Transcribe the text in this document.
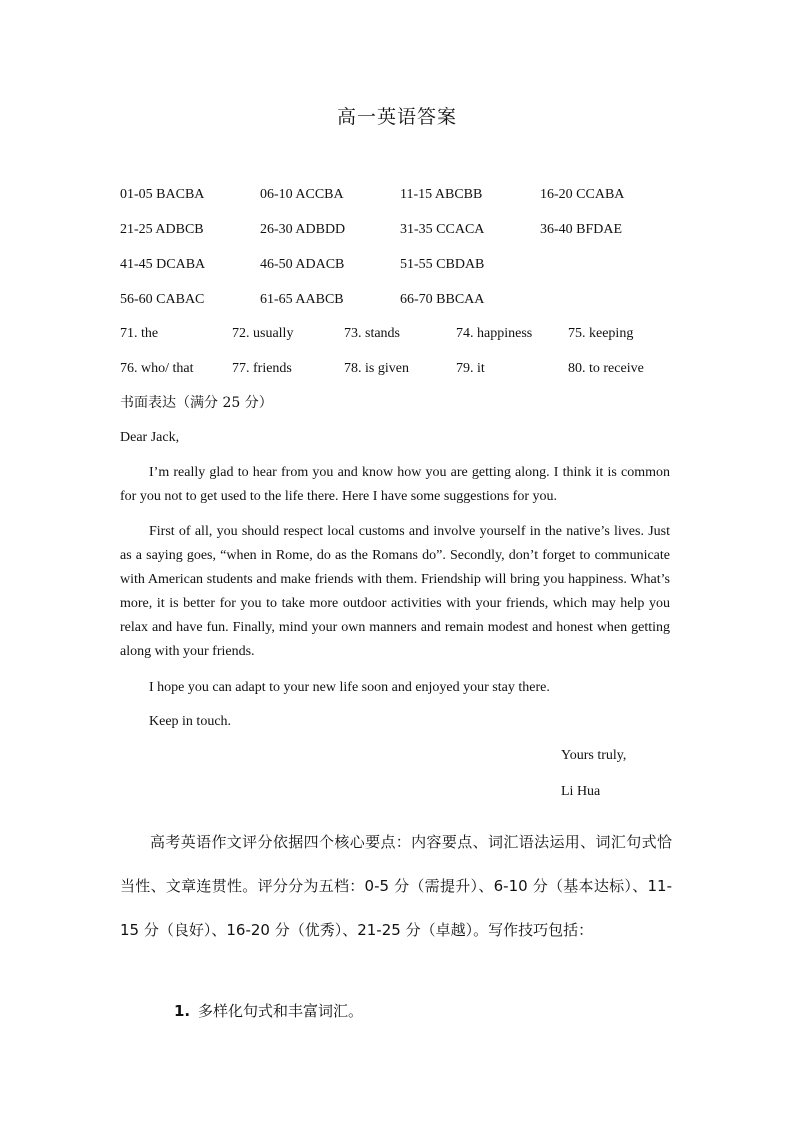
高一英语答案
01-05 BACBA	06-10 ACCBA	11-15 ABCBB	16-20 CCABA
21-25 ADBCB	26-30 ADBDD	31-35 CCACA	36-40 BFDAE
41-45 DCABA	46-50 ADACB	51-55 CBDAB
56-60 CABAC	61-65 AABCB	66-70 BBCAA
71. the	72. usually	73. stands	74. happiness	75. keeping
76. who/ that	77. friends	78. is given	79. it	80. to receive
书面表达（满分 25 分）
Dear Jack,
I’m really glad to hear from you and know how you are getting along. I think it is common for you not to get used to the life there. Here I have some suggestions for you.
First of all, you should respect local customs and involve yourself in the native’s lives. Just as a saying goes, “when in Rome, do as the Romans do”. Secondly, don’t forget to communicate with American students and make friends with them. Friendship will bring you happiness. What’s more, it is better for you to take more outdoor activities with your friends, which may help you relax and have fun. Finally, mind your own manners and remain modest and honest when getting along with your friends.
I hope you can adapt to your new life soon and enjoyed your stay there.
Keep in touch.
Yours truly,
Li Hua
高考英语作文评分依据四个核心要点：内容要点、词汇语法运用、词汇句式恰当性、文章连贯性。评分分为五档：0-5 分（需提升）、6-10 分（基本达标）、11-15 分（良好）、16-20 分（优秀）、21-25 分（卓越）。写作技巧包括：
1. 多样化句式和丰富词汇。
